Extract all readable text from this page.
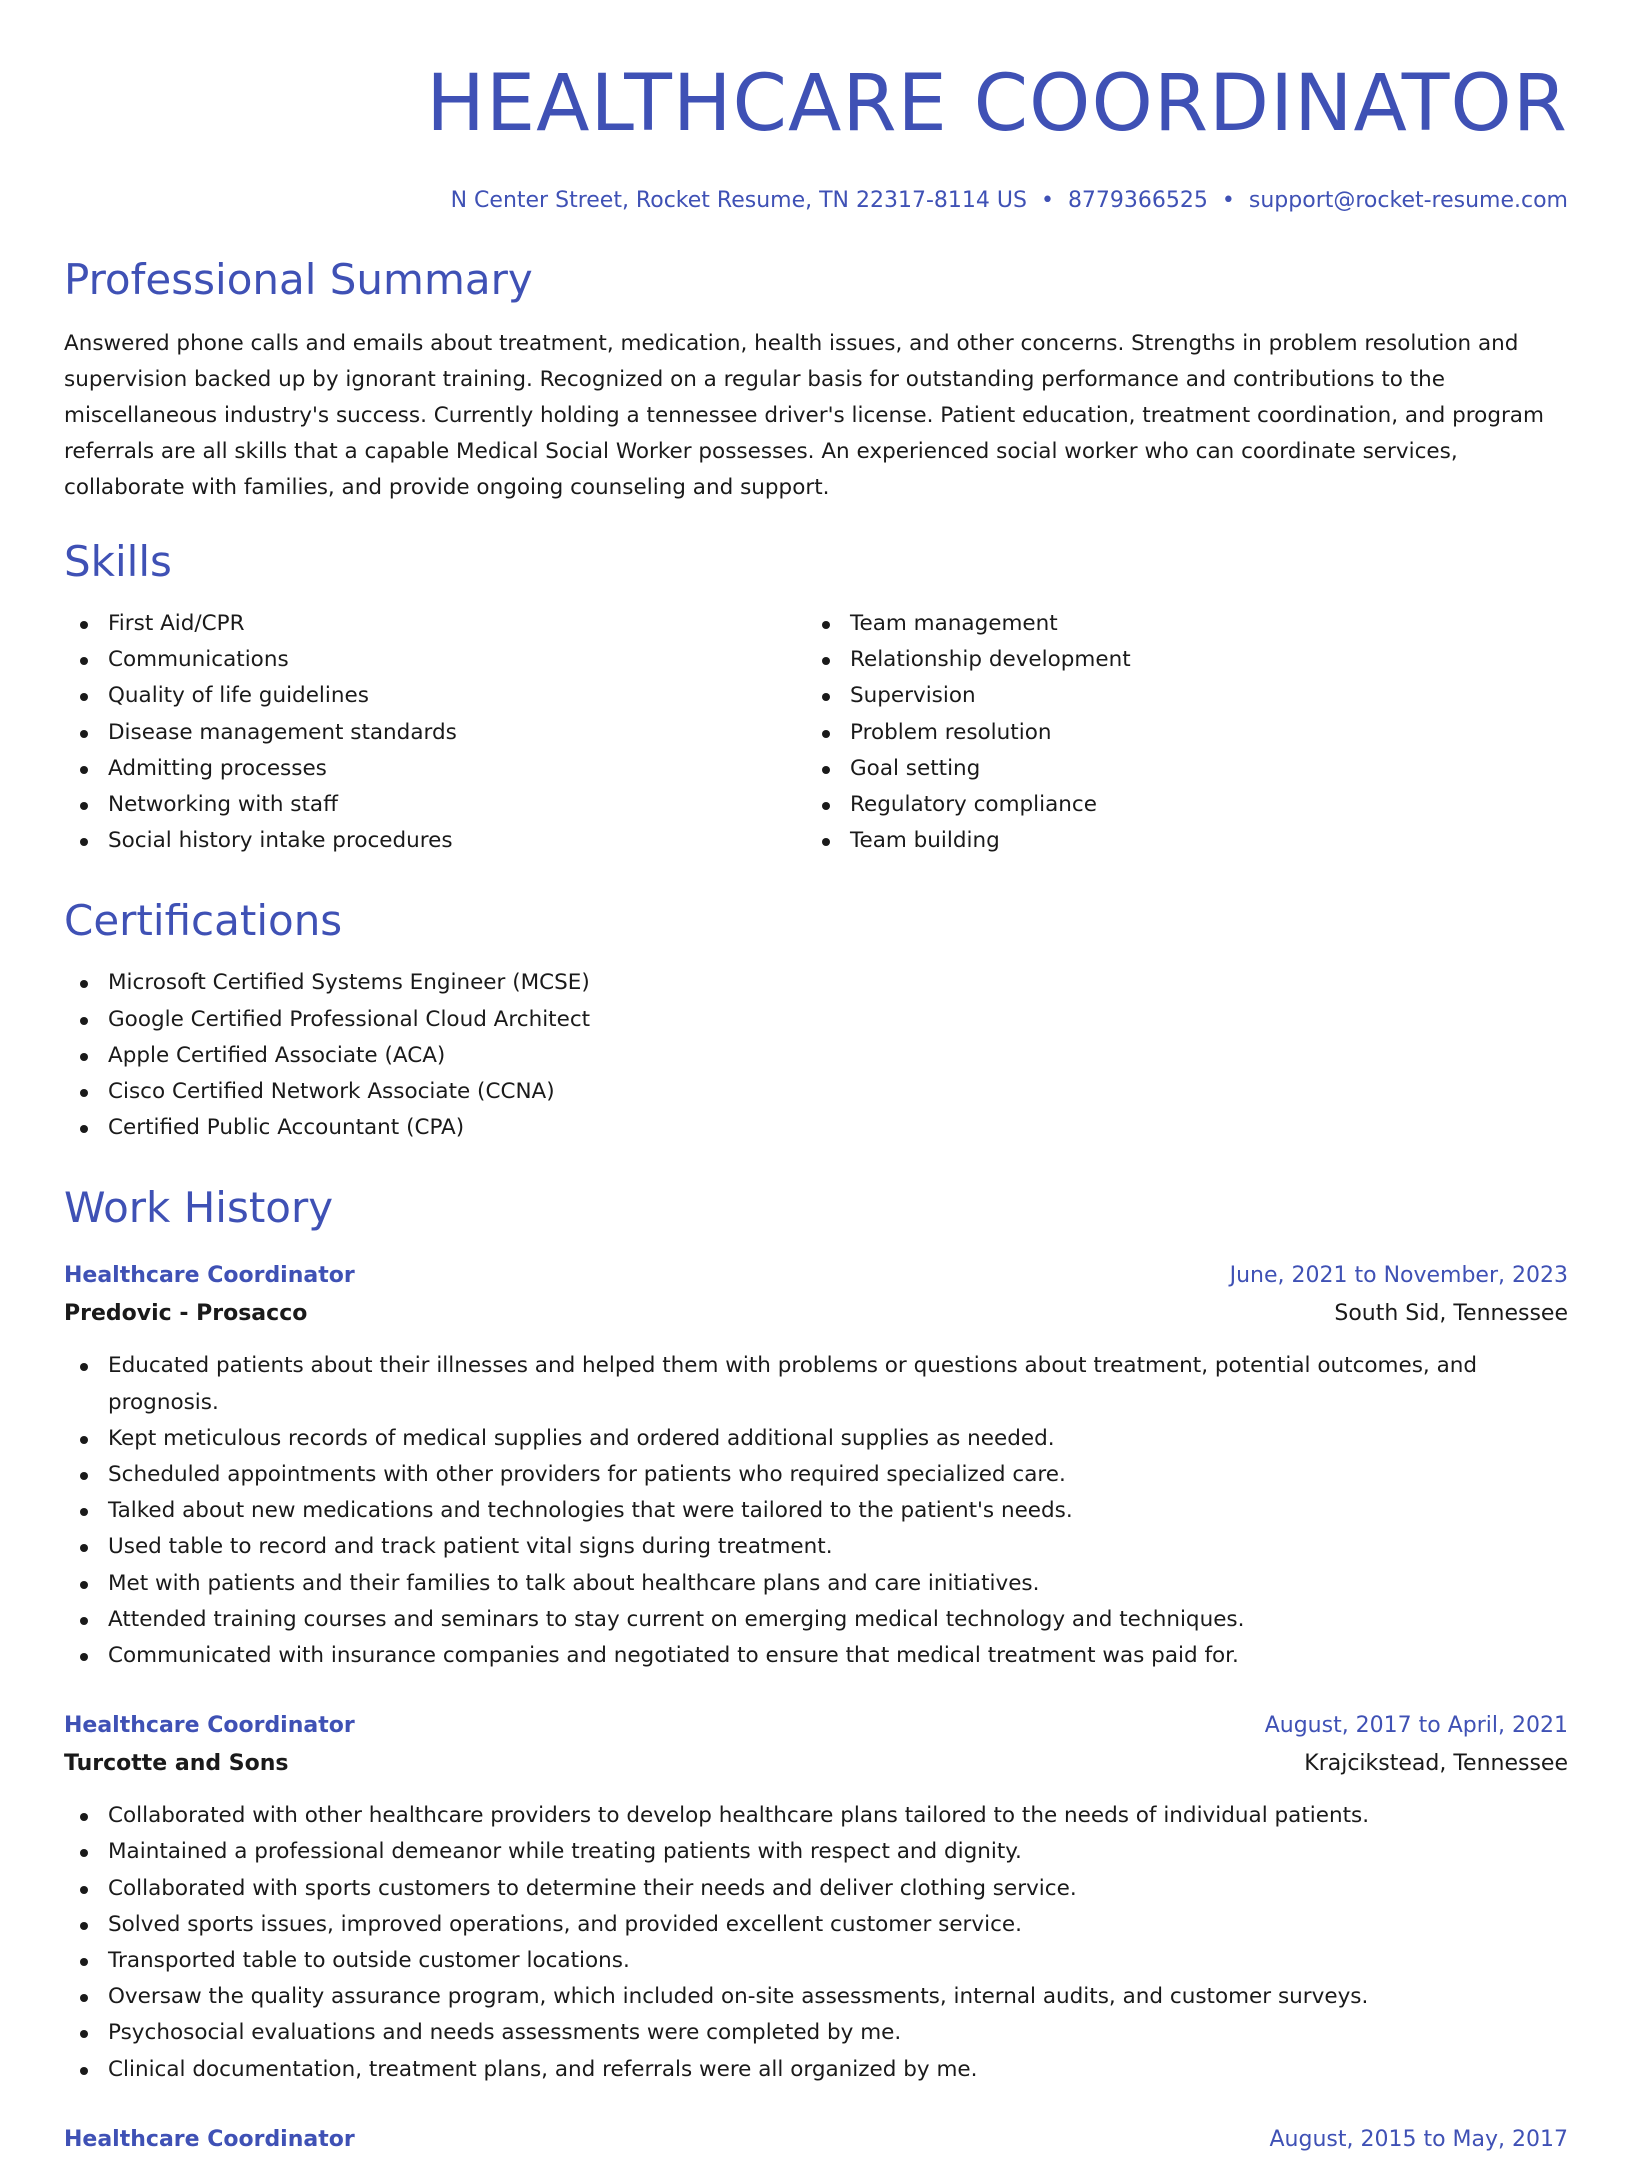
HEALTHCARE COORDINATOR
N Center Street, Rocket Resume, TN 22317-8114 US • 8779366525 • support@rocket-resume.com
Professional Summary

Answered phone calls and emails about treatment, medication, health issues, and other concerns. Strengths in problem resolution and supervision backed up by ignorant training. Recognized on a regular basis for outstanding performance and contributions to the miscellaneous industry's success. Currently holding a tennessee driver's license. Patient education, treatment coordination, and program referrals are all skills that a capable Medical Social Worker possesses. An experienced social worker who can coordinate services, collaborate with families, and provide ongoing counseling and support.

Skills
First Aid/CPR
Communications
Quality of life guidelines
Disease management standards
Admitting processes
Networking with staff
Social history intake procedures
Team management
Relationship development
Supervision
Problem resolution
Goal setting
Regulatory compliance
Team building
Certifications
Microsoft Certified Systems Engineer (MCSE)
Google Certified Professional Cloud Architect
Apple Certified Associate (ACA)
Cisco Certified Network Associate (CCNA)
Certified Public Accountant (CPA)
Work History
Healthcare Coordinator	June, 2021 to November, 2023
Predovic - Prosacco	South Sid, Tennessee
Educated patients about their illnesses and helped them with problems or questions about treatment, potential outcomes, and prognosis.
Kept meticulous records of medical supplies and ordered additional supplies as needed.
Scheduled appointments with other providers for patients who required specialized care.
Talked about new medications and technologies that were tailored to the patient's needs.
Used table to record and track patient vital signs during treatment.
Met with patients and their families to talk about healthcare plans and care initiatives.
Attended training courses and seminars to stay current on emerging medical technology and techniques.
Communicated with insurance companies and negotiated to ensure that medical treatment was paid for.
Healthcare Coordinator	August, 2017 to April, 2021
Turcotte and Sons	Krajcikstead, Tennessee
Collaborated with other healthcare providers to develop healthcare plans tailored to the needs of individual patients.
Maintained a professional demeanor while treating patients with respect and dignity.
Collaborated with sports customers to determine their needs and deliver clothing service.
Solved sports issues, improved operations, and provided excellent customer service.
Transported table to outside customer locations.
Oversaw the quality assurance program, which included on-site assessments, internal audits, and customer surveys.
Psychosocial evaluations and needs assessments were completed by me.
Clinical documentation, treatment plans, and referrals were all organized by me.
Healthcare Coordinator	August, 2015 to May, 2017
